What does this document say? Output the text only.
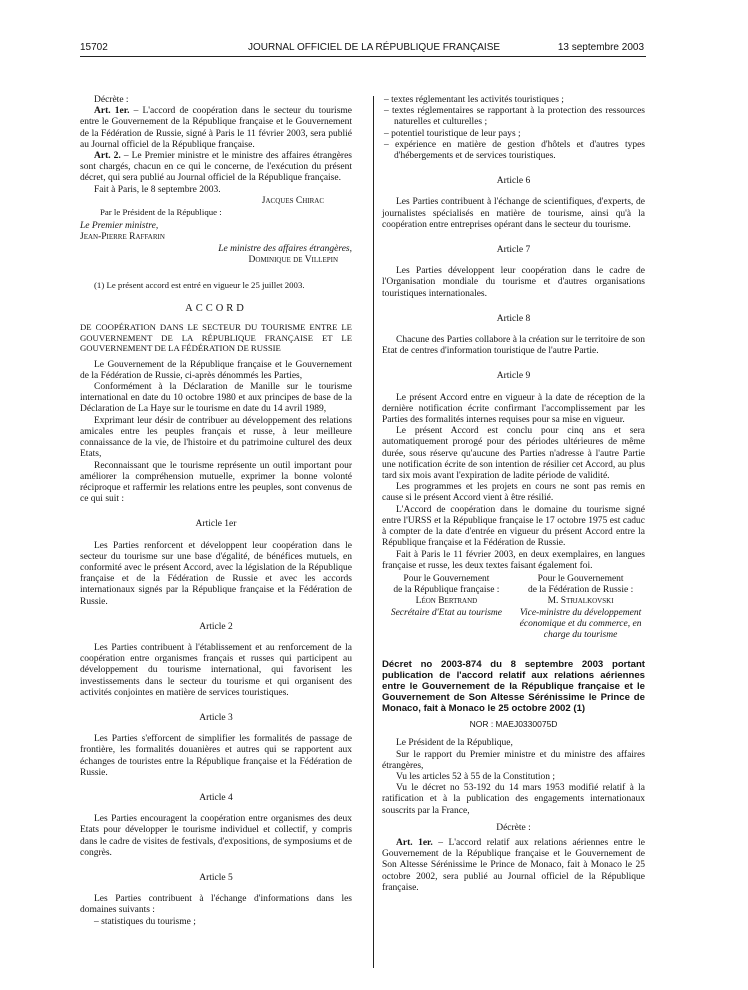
15702	JOURNAL OFFICIEL DE LA RÉPUBLIQUE FRANÇAISE	13 septembre 2003

Décrète :

Art. 1er. – L'accord de coopération dans le secteur du tourisme entre le Gouvernement de la République française et le Gouvernement de la Fédération de Russie, signé à Paris le 11 février 2003, sera publié au Journal officiel de la République française.

Art. 2. – Le Premier ministre et le ministre des affaires étrangères sont chargés, chacun en ce qui le concerne, de l'exécution du présent décret, qui sera publié au Journal officiel de la République française.

Fait à Paris, le 8 septembre 2003.

Jacques Chirac

Par le Président de la République :

Le Premier ministre,

Jean-Pierre Raffarin

Le ministre des affaires étrangères,

Dominique de Villepin

(1) Le présent accord est entré en vigueur le 25 juillet 2003.

ACCORD

DE COOPÉRATION DANS LE SECTEUR DU TOURISME ENTRE LE GOUVERNEMENT DE LA RÉPUBLIQUE FRANÇAISE ET LE GOUVERNEMENT DE LA FÉDÉRATION DE RUSSIE

Le Gouvernement de la République française et le Gouvernement de la Fédération de Russie, ci-après dénommés les Parties,

Conformément à la Déclaration de Manille sur le tourisme international en date du 10 octobre 1980 et aux principes de base de la Déclaration de La Haye sur le tourisme en date du 14 avril 1989,

Exprimant leur désir de contribuer au développement des relations amicales entre les peuples français et russe, à leur meilleure connaissance de la vie, de l'histoire et du patrimoine culturel des deux Etats,

Reconnaissant que le tourisme représente un outil important pour améliorer la compréhension mutuelle, exprimer la bonne volonté réciproque et raffermir les relations entre les peuples, sont convenus de ce qui suit :

Article 1er

Les Parties renforcent et développent leur coopération dans le secteur du tourisme sur une base d'égalité, de bénéfices mutuels, en conformité avec le présent Accord, avec la législation de la République française et de la Fédération de Russie et avec les accords internationaux signés par la République française et la Fédération de Russie.

Article 2

Les Parties contribuent à l'établissement et au renforcement de la coopération entre organismes français et russes qui participent au développement du tourisme international, qui favorisent les investissements dans le secteur du tourisme et qui organisent des activités conjointes en matière de services touristiques.

Article 3

Les Parties s'efforcent de simplifier les formalités de passage de frontière, les formalités douanières et autres qui se rapportent aux échanges de touristes entre la République française et la Fédération de Russie.

Article 4

Les Parties encouragent la coopération entre organismes des deux Etats pour développer le tourisme individuel et collectif, y compris dans le cadre de visites de festivals, d'expositions, de symposiums et de congrès.

Article 5

Les Parties contribuent à l'échange d'informations dans les domaines suivants :

– statistiques du tourisme ;

– textes réglementant les activités touristiques ;

– textes réglementaires se rapportant à la protection des ressources naturelles et culturelles ;

– potentiel touristique de leur pays ;

– expérience en matière de gestion d'hôtels et d'autres types d'hébergements et de services touristiques.

Article 6

Les Parties contribuent à l'échange de scientifiques, d'experts, de journalistes spécialisés en matière de tourisme, ainsi qu'à la coopération entre entreprises opérant dans le secteur du tourisme.

Article 7

Les Parties développent leur coopération dans le cadre de l'Organisation mondiale du tourisme et d'autres organisations touristiques internationales.

Article 8

Chacune des Parties collabore à la création sur le territoire de son Etat de centres d'information touristique de l'autre Partie.

Article 9

Le présent Accord entre en vigueur à la date de réception de la dernière notification écrite confirmant l'accomplissement par les Parties des formalités internes requises pour sa mise en vigueur.

Le présent Accord est conclu pour cinq ans et sera automatiquement prorogé pour des périodes ultérieures de même durée, sous réserve qu'aucune des Parties n'adresse à l'autre Partie une notification écrite de son intention de résilier cet Accord, au plus tard six mois avant l'expiration de ladite période de validité.

Les programmes et les projets en cours ne sont pas remis en cause si le présent Accord vient à être résilié.

L'Accord de coopération dans le domaine du tourisme signé entre l'URSS et la République française le 17 octobre 1975 est caduc à compter de la date d'entrée en vigueur du présent Accord entre la République française et la Fédération de Russie.

Fait à Paris le 11 février 2003, en deux exemplaires, en langues française et russe, les deux textes faisant également foi.

Pour le Gouvernement

de la République française :

Léon Bertrand

Secrétaire d'Etat au tourisme

Pour le Gouvernement

de la Fédération de Russie :

M. Strjalkovski

Vice-ministre du développement économique et du commerce, en charge du tourisme

Décret no 2003-874 du 8 septembre 2003 portant publication de l'accord relatif aux relations aériennes entre le Gouvernement de la République française et le Gouvernement de Son Altesse Sérénissime le Prince de Monaco, fait à Monaco le 25 octobre 2002 (1)

NOR : MAEJ0330075D

Le Président de la République,

Sur le rapport du Premier ministre et du ministre des affaires étrangères,

Vu les articles 52 à 55 de la Constitution ;

Vu le décret no 53-192 du 14 mars 1953 modifié relatif à la ratification et à la publication des engagements internationaux souscrits par la France,

Décrète :

Art. 1er. – L'accord relatif aux relations aériennes entre le Gouvernement de la République française et le Gouvernement de Son Altesse Sérénissime le Prince de Monaco, fait à Monaco le 25 octobre 2002, sera publié au Journal officiel de la République française.
